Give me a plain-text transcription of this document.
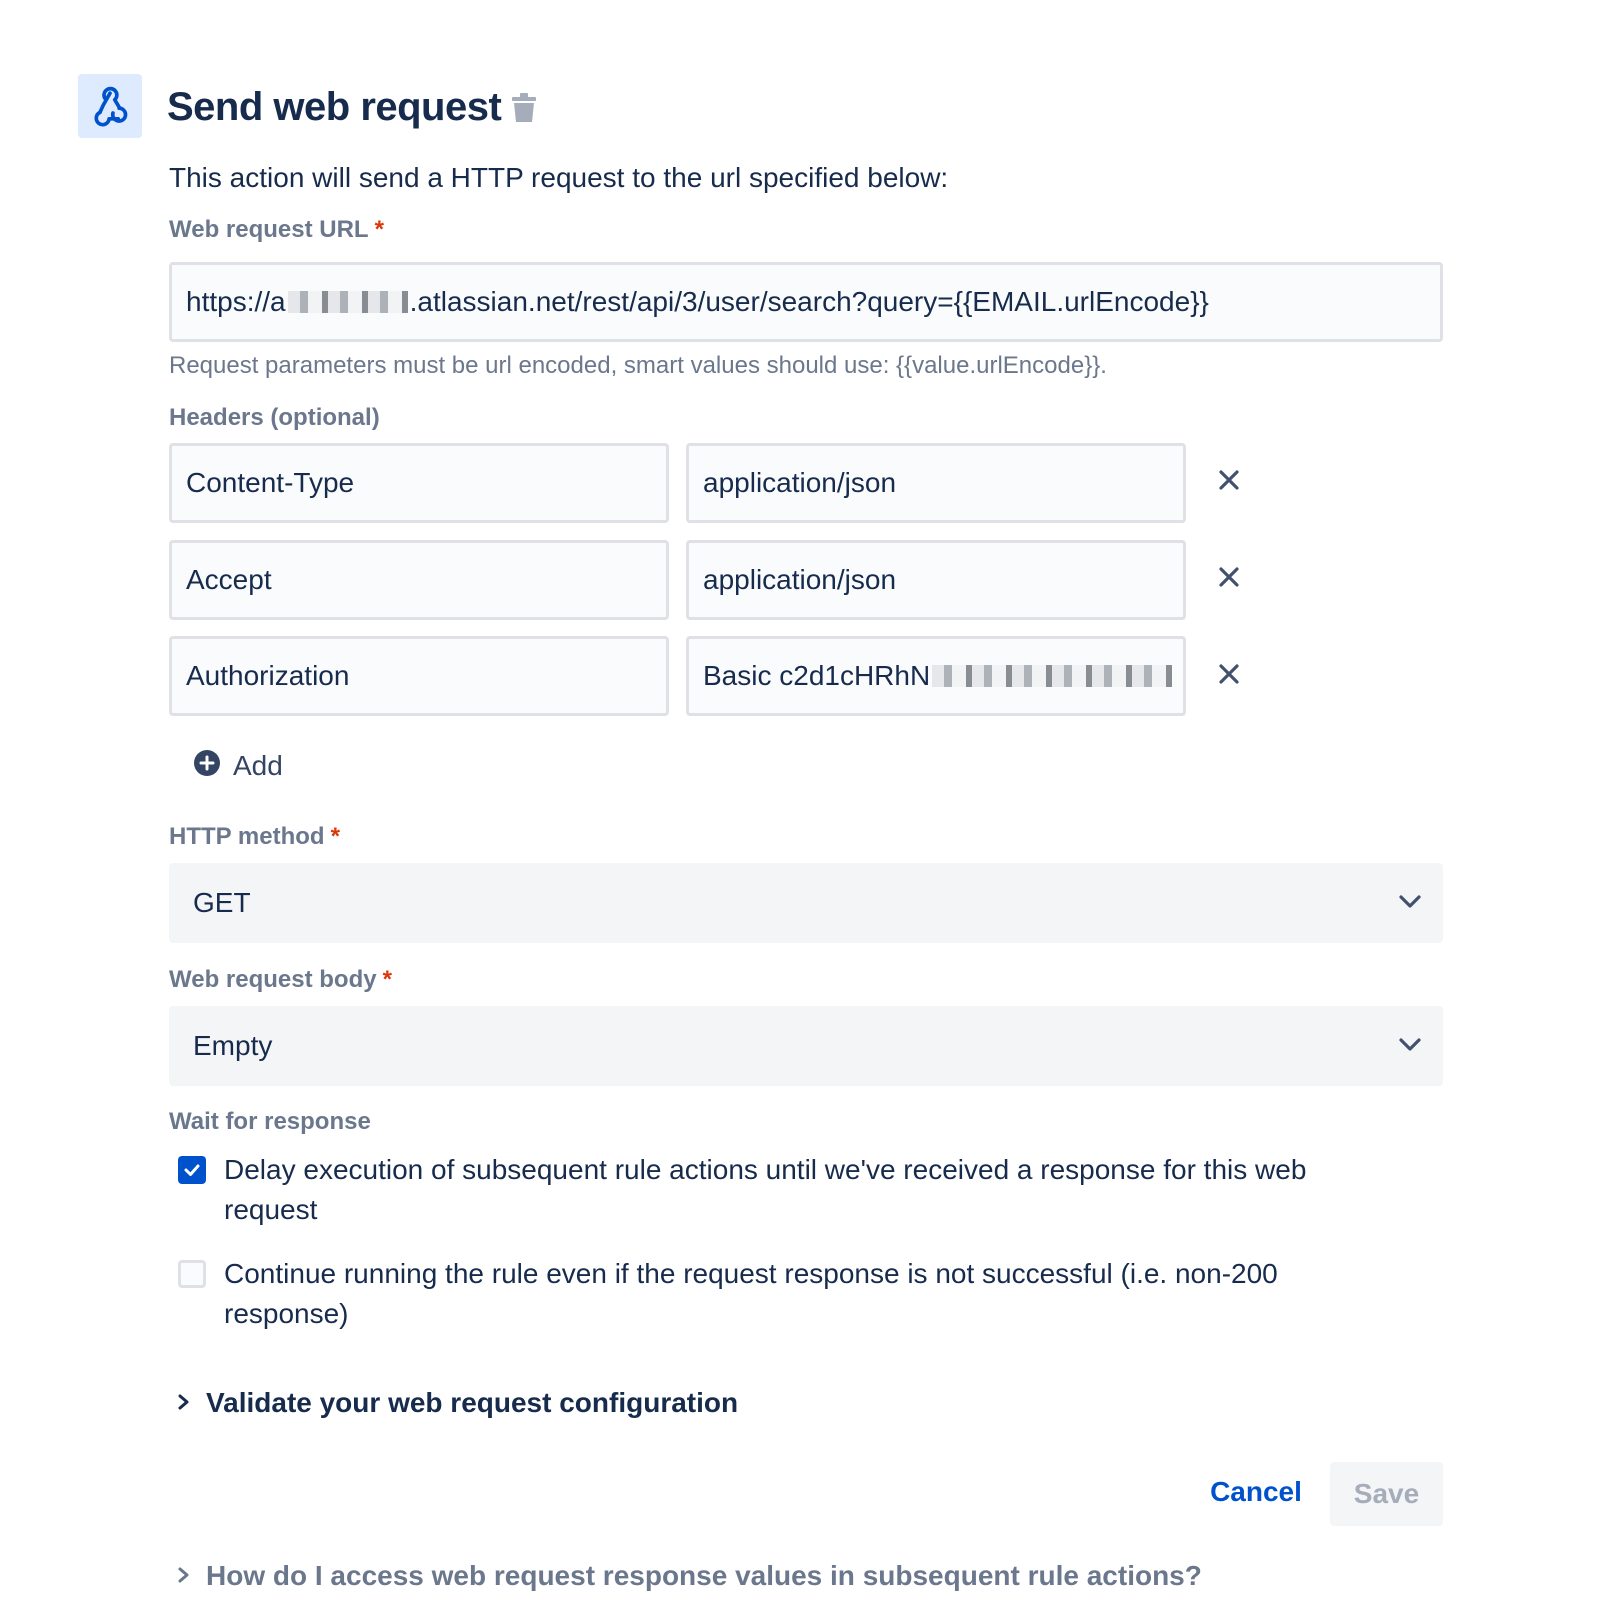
Send web request
This action will send a HTTP request to the url specified below:
Web request URL *
https://a	.atlassian.net/rest/api/3/user/search?query={{EMAIL.urlEncode}}
Request parameters must be url encoded, smart values should use: {{value.urlEncode}}.
Headers (optional)
Content-Type	application/json
Accept	application/json
Authorization	Basic c2d1cHRhN
Add
HTTP method *
GET
Web request body *
Empty
Wait for response
Delay execution of subsequent rule actions until we've received a response for this web request
Continue running the rule even if the request response is not successful (i.e. non-200 response)
Validate your web request configuration
Cancel	Save
How do I access web request response values in subsequent rule actions?
